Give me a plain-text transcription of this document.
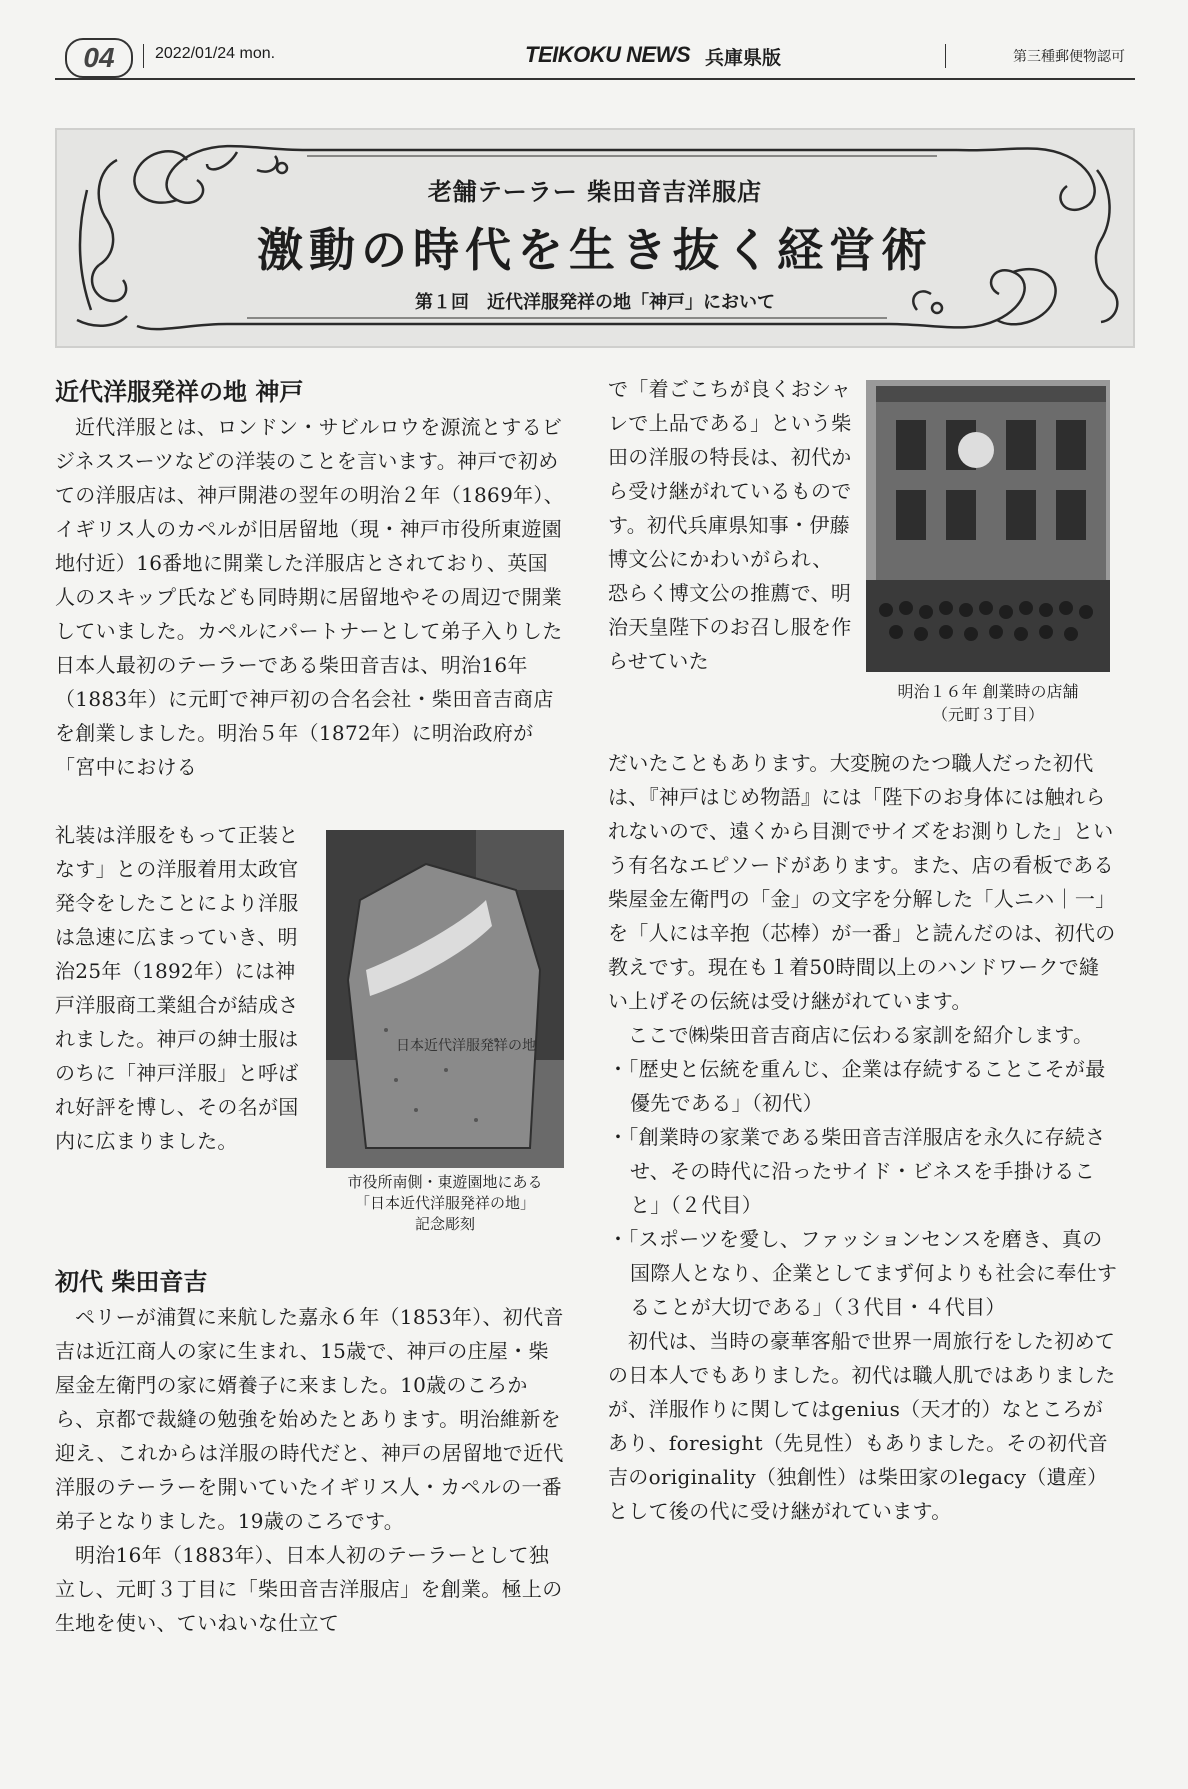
04	2022/01/24 mon.	TEIKOKU NEWS 兵庫県版	第三種郵便物認可
老舗テーラー 柴田音吉洋服店
激動の時代を生き抜く経営術
第１回　近代洋服発祥の地「神戸」において
近代洋服発祥の地 神戸

近代洋服とは、ロンドン・サビルロウを源流とするビジネススーツなどの洋装のことを言います。神戸で初めての洋服店は、神戸開港の翌年の明治２年（1869年）、イギリス人のカペルが旧居留地（現・神戸市役所東遊園地付近）16番地に開業した洋服店とされており、英国人のスキップ氏なども同時期に居留地やその周辺で開業していました。カペルにパートナーとして弟子入りした日本人最初のテーラーである柴田音吉は、明治16年（1883年）に元町で神戸初の合名会社・柴田音吉商店を創業しました。明治５年（1872年）に明治政府が「宮中における

礼装は洋服をもって正装となす」との洋服着用太政官発令をしたことにより洋服は急速に広まっていき、明治25年（1892年）には神戸洋服商工業組合が結成されました。神戸の紳士服はのちに「神戸洋服」と呼ばれ好評を博し、その名が国内に広まりました。

日本近代洋服発祥の地
市役所南側・東遊園地にある
「日本近代洋服発祥の地」
記念彫刻
初代 柴田音吉

ペリーが浦賀に来航した嘉永６年（1853年）、初代音吉は近江商人の家に生まれ、15歳で、神戸の庄屋・柴屋金左衛門の家に婿養子に来ました。10歳のころから、京都で裁縫の勉強を始めたとあります。明治維新を迎え、これからは洋服の時代だと、神戸の居留地で近代洋服のテーラーを開いていたイギリス人・カペルの一番弟子となりました。19歳のころです。

明治16年（1883年）、日本人初のテーラーとして独立し、元町３丁目に「柴田音吉洋服店」を創業。極上の生地を使い、ていねいな仕立て

で「着ごこちが良くおシャレで上品である」という柴田の洋服の特長は、初代から受け継がれているものです。初代兵庫県知事・伊藤博文公にかわいがられ、恐らく博文公の推薦で、明治天皇陛下のお召し服を作らせていた

明治１６年 創業時の店舗
（元町３丁目）

だいたこともあります。大変腕のたつ職人だった初代は、『神戸はじめ物語』には「陛下のお身体には触れられないので、遠くから目測でサイズをお測りした」という有名なエピソードがあります。また、店の看板である柴屋金左衛門の「金」の文字を分解した「人ニハ｜一」を「人には辛抱（芯棒）が一番」と読んだのは、初代の教えです。現在も１着50時間以上のハンドワークで縫い上げその伝統は受け継がれています。

ここで㈱柴田音吉商店に伝わる家訓を紹介します。

・「歴史と伝統を重んじ、企業は存続することこそが最優先である」（初代）

・「創業時の家業である柴田音吉洋服店を永久に存続させ、その時代に沿ったサイド・ビネスを手掛けること」（２代目）

・「スポーツを愛し、ファッションセンスを磨き、真の国際人となり、企業としてまず何よりも社会に奉仕することが大切である」（３代目・４代目）

初代は、当時の豪華客船で世界一周旅行をした初めての日本人でもありました。初代は職人肌ではありましたが、洋服作りに関してはgenius（天才的）なところがあり、foresight（先見性）もありました。その初代音吉のoriginality（独創性）は柴田家のlegacy（遺産）として後の代に受け継がれています。
